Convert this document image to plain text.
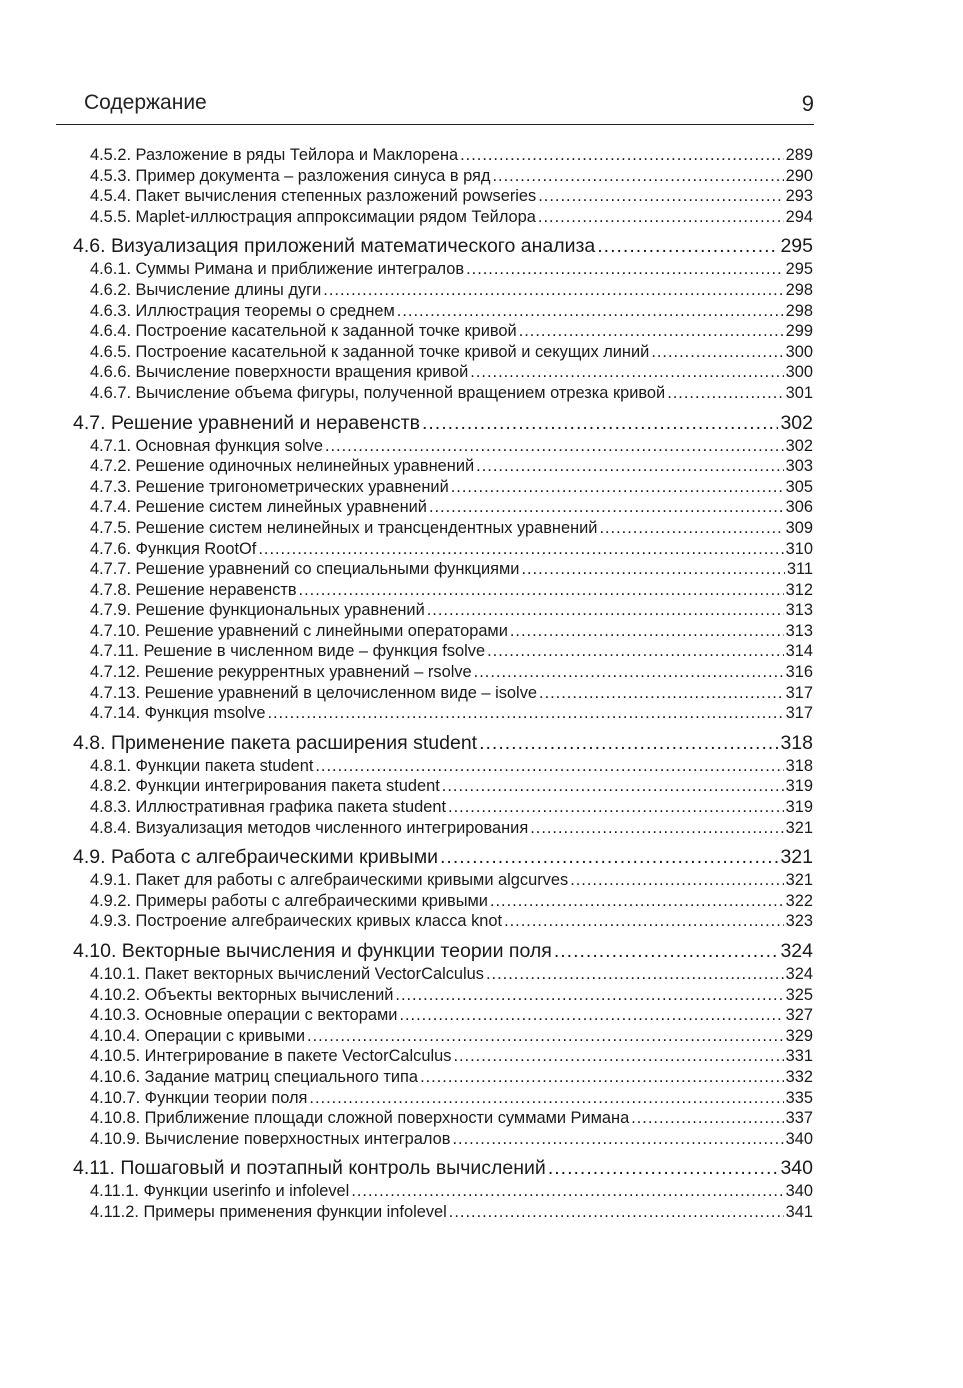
Содержание	9
4.5.2. Разложение в ряды Тейлора и Маклорена .....	289
4.5.3. Пример документа – разложения синуса в ряд .....	290
4.5.4. Пакет вычисления степенных разложений powseries .....	293
4.5.5. Maplet-иллюстрация аппроксимации рядом Тейлора .....	294
4.6. Визуализация приложений математического анализа .....	295
4.6.1. Суммы Римана и приближение интегралов .....	295
4.6.2. Вычисление длины дуги .....	298
4.6.3. Иллюстрация теоремы о среднем .....	298
4.6.4. Построение касательной к заданной точке кривой .....	299
4.6.5. Построение касательной к заданной точке кривой и секущих линий .....	300
4.6.6. Вычисление поверхности вращения кривой .....	300
4.6.7. Вычисление объема фигуры, полученной вращением отрезка кривой .....	301
4.7. Решение уравнений и неравенств .....	302
4.7.1. Основная функция solve .....	302
4.7.2. Решение одиночных нелинейных уравнений .....	303
4.7.3. Решение тригонометрических уравнений .....	305
4.7.4. Решение систем линейных уравнений .....	306
4.7.5. Решение систем нелинейных и трансцендентных уравнений .....	309
4.7.6. Функция RootOf .....	310
4.7.7. Решение уравнений со специальными функциями .....	311
4.7.8. Решение неравенств .....	312
4.7.9. Решение функциональных уравнений .....	313
4.7.10. Решение уравнений с линейными операторами .....	313
4.7.11. Решение в численном виде – функция fsolve .....	314
4.7.12. Решение рекуррентных уравнений – rsolve .....	316
4.7.13. Решение уравнений в целочисленном виде – isolve .....	317
4.7.14. Функция msolve .....	317
4.8. Применение пакета расширения student .....	318
4.8.1. Функции пакета student .....	318
4.8.2. Функции интегрирования пакета student .....	319
4.8.3. Иллюстративная графика пакета student .....	319
4.8.4. Визуализация методов численного интегрирования .....	321
4.9. Работа с алгебраическими кривыми .....	321
4.9.1. Пакет для работы с алгебраическими кривыми algcurves .....	321
4.9.2. Примеры работы с алгебраическими кривыми .....	322
4.9.3. Построение алгебраических кривых класса knot .....	323
4.10. Векторные вычисления и функции теории поля .....	324
4.10.1. Пакет векторных вычислений VectorCalculus .....	324
4.10.2. Объекты векторных вычислений .....	325
4.10.3. Основные операции с векторами .....	327
4.10.4. Операции с кривыми .....	329
4.10.5. Интегрирование в пакете VectorCalculus .....	331
4.10.6. Задание матриц специального типа .....	332
4.10.7. Функции теории поля .....	335
4.10.8. Приближение площади сложной поверхности суммами Римана .....	337
4.10.9. Вычисление поверхностных интегралов .....	340
4.11. Пошаговый и поэтапный контроль вычислений .....	340
4.11.1. Функции userinfo и infolevel .....	340
4.11.2. Примеры применения функции infolevel .....	341
